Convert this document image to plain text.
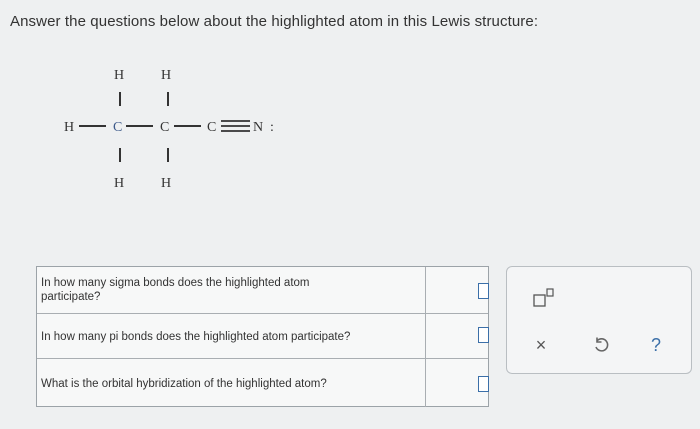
Answer the questions below about the highlighted atom in this Lewis structure:
H	H
H	C	C	C	N :
H	H
In how many sigma bonds does the highlighted atom
participate?
In how many pi bonds does the highlighted atom participate?
What is the orbital hybridization of the highlighted atom?
×	?
